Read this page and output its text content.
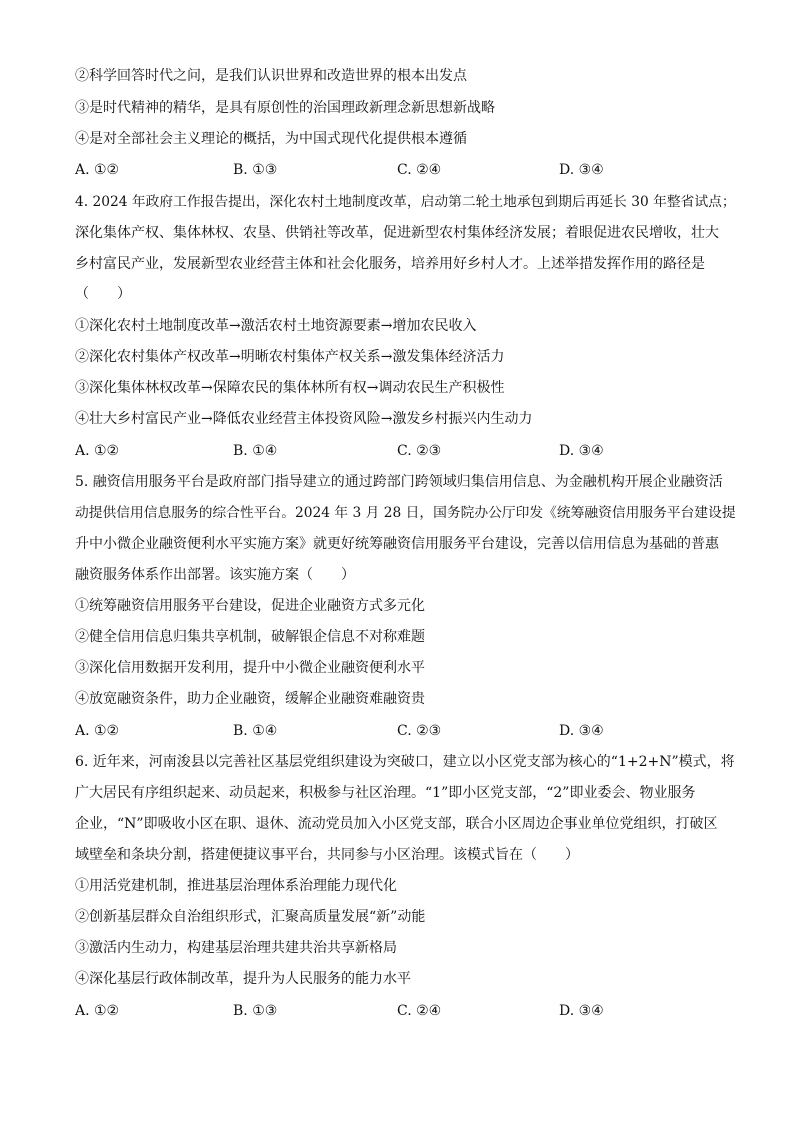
②科学回答时代之问，是我们认识世界和改造世界的根本出发点
③是时代精神的精华，是具有原创性的治国理政新理念新思想新战略
④是对全部社会主义理论的概括，为中国式现代化提供根本遵循
A. ①②	B. ①③	C. ②④	D. ③④
4. 2024 年政府工作报告提出，深化农村土地制度改革，启动第二轮土地承包到期后再延长 30 年整省试点；
深化集体产权、集体林权、农垦、供销社等改革，促进新型农村集体经济发展；着眼促进农民增收，壮大
乡村富民产业，发展新型农业经营主体和社会化服务，培养用好乡村人才。上述举措发挥作用的路径是
（　　）
①深化农村土地制度改革→激活农村土地资源要素→增加农民收入
②深化农村集体产权改革→明晰农村集体产权关系→激发集体经济活力
③深化集体林权改革→保障农民的集体林所有权→调动农民生产积极性
④壮大乡村富民产业→降低农业经营主体投资风险→激发乡村振兴内生动力
A. ①②	B. ①④	C. ②③	D. ③④
5. 融资信用服务平台是政府部门指导建立的通过跨部门跨领域归集信用信息、为金融机构开展企业融资活
动提供信用信息服务的综合性平台。2024 年 3 月 28 日，国务院办公厅印发《统筹融资信用服务平台建设提
升中小微企业融资便利水平实施方案》就更好统筹融资信用服务平台建设，完善以信用信息为基础的普惠
融资服务体系作出部署。该实施方案（　　）
①统筹融资信用服务平台建设，促进企业融资方式多元化
②健全信用信息归集共享机制，破解银企信息不对称难题
③深化信用数据开发利用，提升中小微企业融资便利水平
④放宽融资条件，助力企业融资，缓解企业融资难融资贵
A. ①②	B. ①④	C. ②③	D. ③④
6. 近年来，河南浚县以完善社区基层党组织建设为突破口，建立以小区党支部为核心的“1+2+N”模式，将
广大居民有序组织起来、动员起来，积极参与社区治理。“1”即小区党支部，“2”即业委会、物业服务
企业，“N”即吸收小区在职、退休、流动党员加入小区党支部，联合小区周边企事业单位党组织，打破区
域壁垒和条块分割，搭建便捷议事平台，共同参与小区治理。该模式旨在（　　）
①用活党建机制，推进基层治理体系治理能力现代化
②创新基层群众自治组织形式，汇聚高质量发展“新”动能
③激活内生动力，构建基层治理共建共治共享新格局
④深化基层行政体制改革，提升为人民服务的能力水平
A. ①②	B. ①③	C. ②④	D. ③④
